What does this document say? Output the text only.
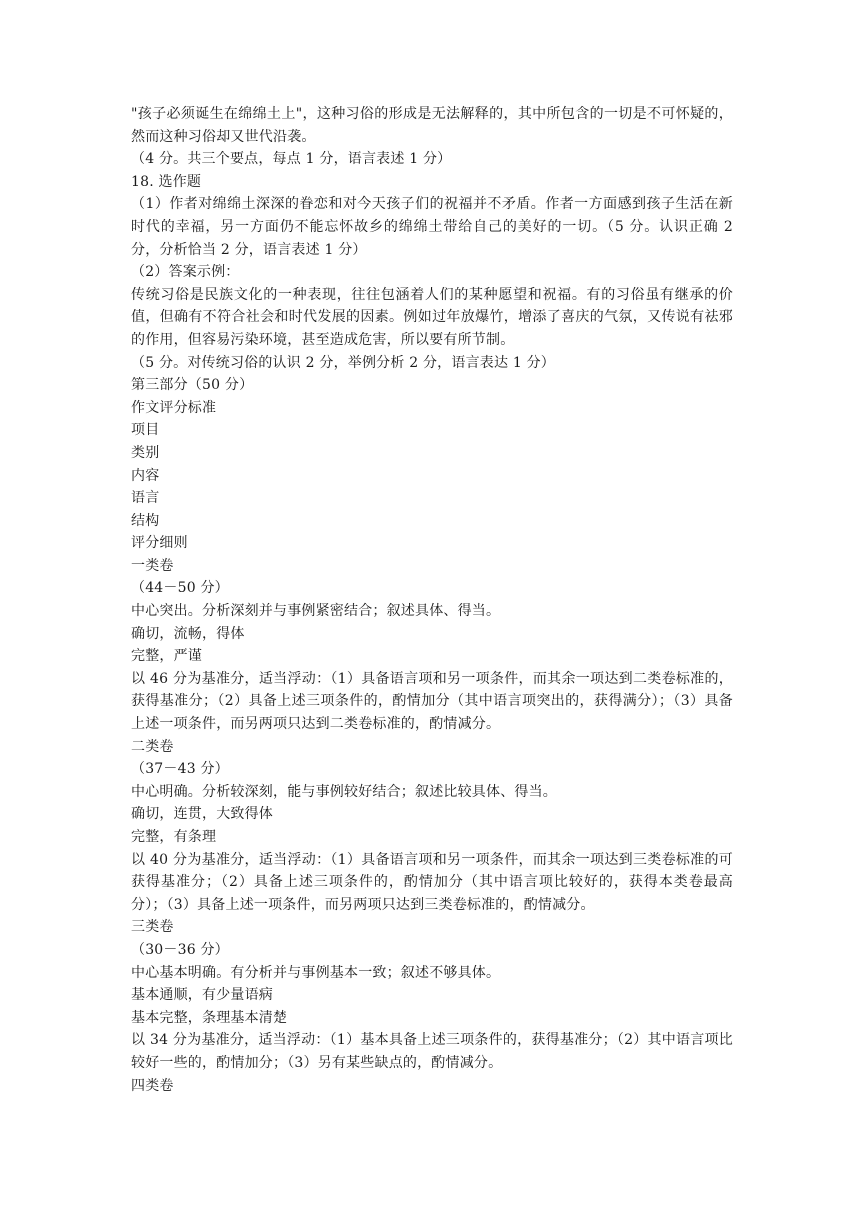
"孩子必须诞生在绵绵土上"，这种习俗的形成是无法解释的，其中所包含的一切是不可怀疑的，然而这种习俗却又世代沿袭。

（4 分。共三个要点，每点 1 分，语言表述 1 分）

18. 选作题

（1）作者对绵绵土深深的眷恋和对今天孩子们的祝福并不矛盾。作者一方面感到孩子生活在新时代的幸福，另一方面仍不能忘怀故乡的绵绵土带给自己的美好的一切。（5 分。认识正确 2 分，分析恰当 2 分，语言表述 1 分）

（2）答案示例：

传统习俗是民族文化的一种表现，往往包涵着人们的某种愿望和祝福。有的习俗虽有继承的价值，但确有不符合社会和时代发展的因素。例如过年放爆竹，增添了喜庆的气氛，又传说有祛邪的作用，但容易污染环境，甚至造成危害，所以要有所节制。

（5 分。对传统习俗的认识 2 分，举例分析 2 分，语言表达 1 分）

第三部分（50 分）

作文评分标准

项目

类别

内容

语言

结构

评分细则

一类卷

（44－50 分）

中心突出。分析深刻并与事例紧密结合；叙述具体、得当。

确切，流畅，得体

完整，严谨

以 46 分为基准分，适当浮动：（1）具备语言项和另一项条件，而其余一项达到二类卷标准的，获得基准分；（2）具备上述三项条件的，酌情加分（其中语言项突出的，获得满分）；（3）具备上述一项条件，而另两项只达到二类卷标准的，酌情减分。

二类卷

（37－43 分）

中心明确。分析较深刻，能与事例较好结合；叙述比较具体、得当。

确切，连贯，大致得体

完整，有条理

以 40 分为基准分，适当浮动：（1）具备语言项和另一项条件，而其余一项达到三类卷标准的可获得基准分；（2）具备上述三项条件的，酌情加分（其中语言项比较好的，获得本类卷最高分）；（3）具备上述一项条件，而另两项只达到三类卷标准的，酌情减分。

三类卷

（30－36 分）

中心基本明确。有分析并与事例基本一致；叙述不够具体。

基本通顺，有少量语病

基本完整，条理基本清楚

以 34 分为基准分，适当浮动：（1）基本具备上述三项条件的，获得基准分；（2）其中语言项比较好一些的，酌情加分；（3）另有某些缺点的，酌情减分。

四类卷
